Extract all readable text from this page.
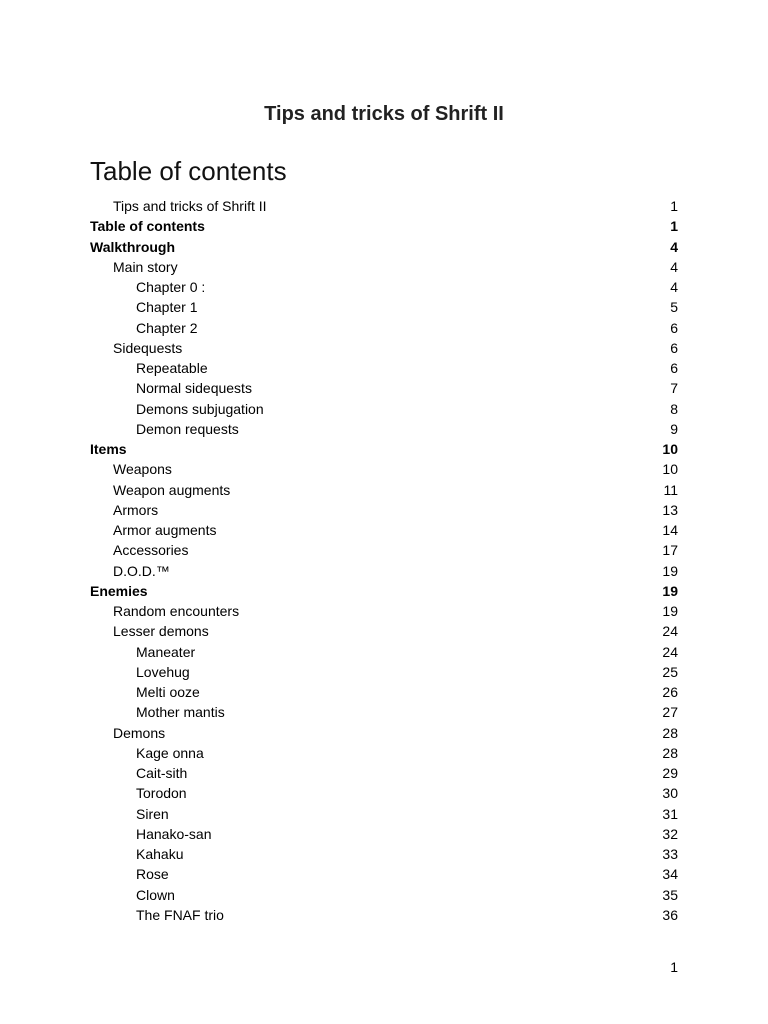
Tips and tricks of Shrift II
Table of contents
Tips and tricks of Shrift II	1
Table of contents	1
Walkthrough	4
Main story	4
Chapter 0 :	4
Chapter 1	5
Chapter 2	6
Sidequests	6
Repeatable	6
Normal sidequests	7
Demons subjugation	8
Demon requests	9
Items	10
Weapons	10
Weapon augments	11
Armors	13
Armor augments	14
Accessories	17
D.O.D.™	19
Enemies	19
Random encounters	19
Lesser demons	24
Maneater	24
Lovehug	25
Melti ooze	26
Mother mantis	27
Demons	28
Kage onna	28
Cait-sith	29
Torodon	30
Siren	31
Hanako-san	32
Kahaku	33
Rose	34
Clown	35
The FNAF trio	36
1
